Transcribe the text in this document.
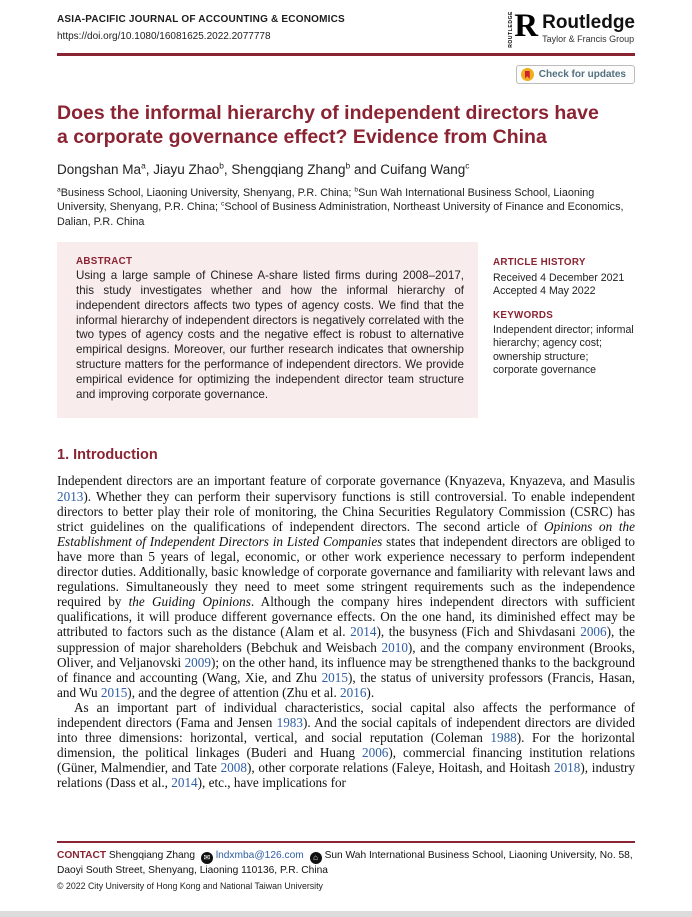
ASIA-PACIFIC JOURNAL OF ACCOUNTING & ECONOMICS
https://doi.org/10.1080/16081625.2022.2077778	ROUTLEDGE R Routledge
Taylor & Francis Group
Check for updates
Does the informal hierarchy of independent directors have
a corporate governance effect? Evidence from China
Dongshan Ma$^a$, Jiayu Zhao$^b$, Shengqiang Zhang$^b$ and Cuifang Wang$^c$
$^a$Business School, Liaoning University, Shenyang, P.R. China; $^b$Sun Wah International Business School, Liaoning University, Shenyang, P.R. China; $^c$School of Business Administration, Northeast University of Finance and Economics, Dalian, P.R. China
ABSTRACT

Using a large sample of Chinese A-share listed firms during 2008–2017, this study investigates whether and how the informal hierarchy of independent directors affects two types of agency costs. We find that the informal hierarchy of independent directors is negatively correlated with the two types of agency costs and the negative effect is robust to alternative empirical designs. Moreover, our further research indicates that ownership structure matters for the performance of independent directors. We provide empirical evidence for optimizing the independent director team structure and improving corporate governance.

ARTICLE HISTORY
Received 4 December 2021
Accepted 4 May 2022
KEYWORDS
Independent director; informal hierarchy; agency cost; ownership structure; corporate governance
1. Introduction

Independent directors are an important feature of corporate governance (Knyazeva, Knyazeva, and Masulis 2013). Whether they can perform their supervisory functions is still controversial. To enable independent directors to better play their role of monitoring, the China Securities Regulatory Commission (CSRC) has strict guidelines on the qualifications of independent directors. The second article of Opinions on the Establishment of Independent Directors in Listed Companies states that independent directors are obliged to have more than 5 years of legal, economic, or other work experience necessary to perform independent director duties. Additionally, basic knowledge of corporate governance and familiarity with relevant laws and regulations. Simultaneously they need to meet some stringent requirements such as the independence required by the Guiding Opinions. Although the company hires independent directors with sufficient qualifications, it will produce different governance effects. On the one hand, its diminished effect may be attributed to factors such as the distance (Alam et al. 2014), the busyness (Fich and Shivdasani 2006), the suppression of major shareholders (Bebchuk and Weisbach 2010), and the company environment (Brooks, Oliver, and Veljanovski 2009); on the other hand, its influence may be strengthened thanks to the background of finance and accounting (Wang, Xie, and Zhu 2015), the status of university professors (Francis, Hasan, and Wu 2015), and the degree of attention (Zhu et al. 2016).

As an important part of individual characteristics, social capital also affects the performance of independent directors (Fama and Jensen 1983). And the social capitals of independent directors are divided into three dimensions: horizontal, vertical, and social reputation (Coleman 1988). For the horizontal dimension, the political linkages (Buderi and Huang 2006), commercial financing institution relations (Güner, Malmendier, and Tate 2008), other corporate relations (Faleye, Hoitash, and Hoitash 2018), industry relations (Dass et al., 2014), etc., have implications for

CONTACT Shengqiang Zhang ✉ lndxmba@126.com ⌂ Sun Wah International Business School, Liaoning University, No. 58, Daoyi South Street, Shenyang, Liaoning 110136, P.R. China

© 2022 City University of Hong Kong and National Taiwan University
